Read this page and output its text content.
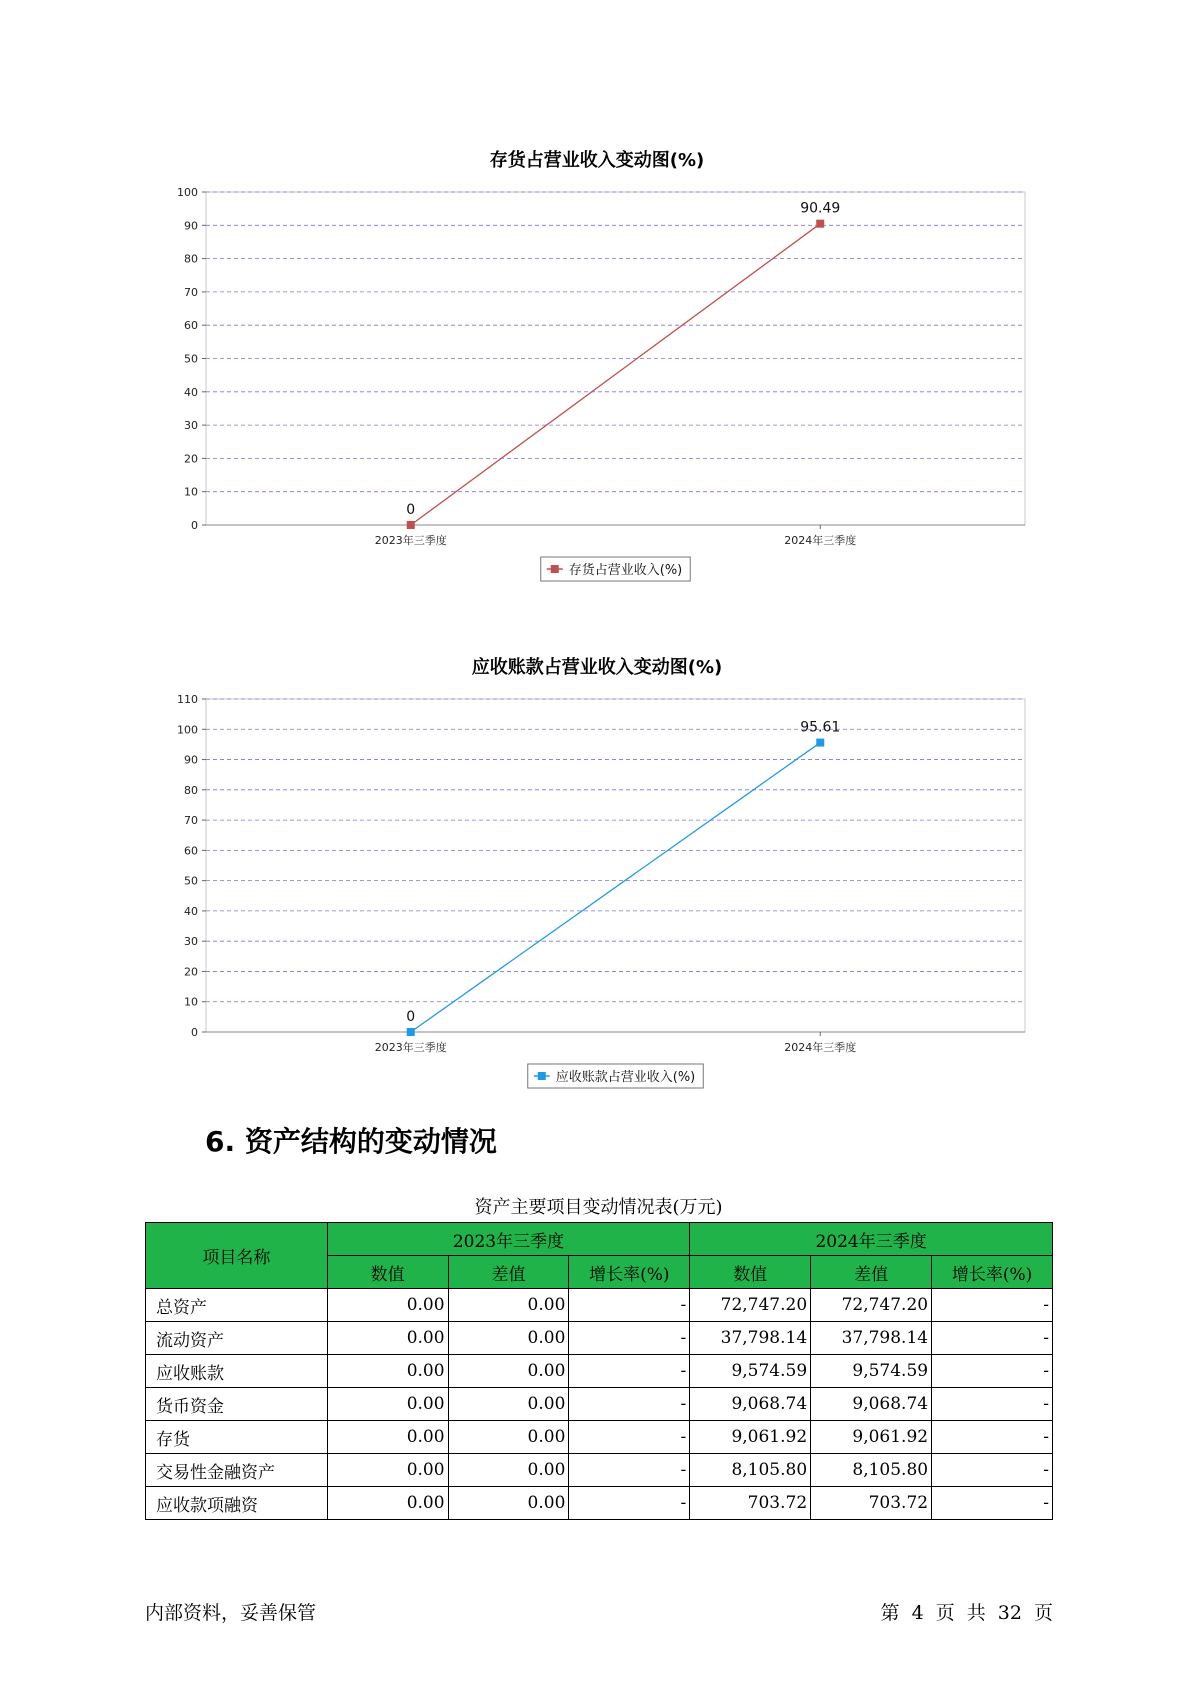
存货占营业收入变动图(%)
0
10
20
30
40
50
60
70
80
90
100
2023年三季度	2024年三季度
0
90.49
存货占营业收入(%)
应收账款占营业收入变动图(%)
0
10
20
30
40
50
60
70
80
90
100
110
2023年三季度	2024年三季度
0
95.61
应收账款占营业收入(%)
6. 资产结构的变动情况
资产主要项目变动情况表(万元)
项目名称	2023年三季度			2024年三季度		
	数值	差值	增长率(%)	数值	差值	增长率(%)
总资产	0.00	0.00	-	72,747.20	72,747.20	-
流动资产	0.00	0.00	-	37,798.14	37,798.14	-
应收账款	0.00	0.00	-	9,574.59	9,574.59	-
货币资金	0.00	0.00	-	9,068.74	9,068.74	-
存货	0.00	0.00	-	9,061.92	9,061.92	-
交易性金融资产	0.00	0.00	-	8,105.80	8,105.80	-
应收款项融资	0.00	0.00	-	703.72	703.72	-
内部资料，妥善保管	第 4 页 共 32 页
